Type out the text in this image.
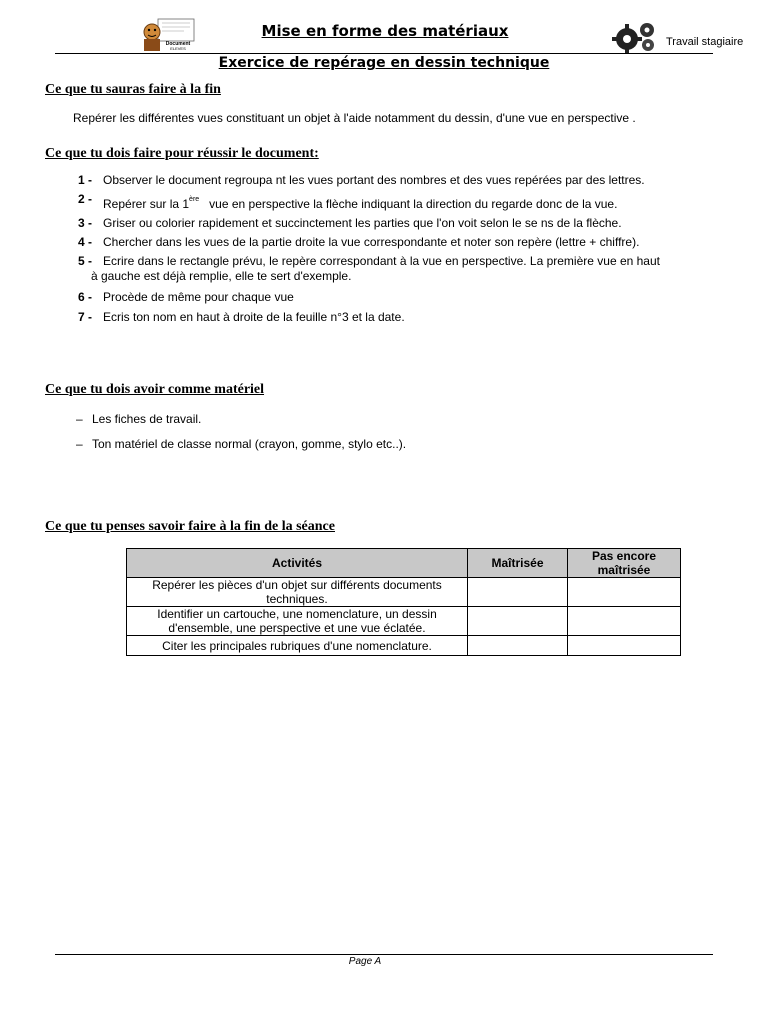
Document
ELEVES
Mise en forme des matériaux
Travail stagiaire
Exercice de repérage en dessin technique
Ce que tu sauras faire à la fin
Repérer les différentes vues constituant un objet à l'aide notamment du dessin, d'une vue en perspective .
Ce que tu dois faire pour réussir le document:
1 - Observer le document regroupa nt les vues portant des nombres et des vues repérées par des lettres.
2 - Repérer sur la 1ère   vue en perspective la flèche indiquant la direction du regarde donc de la vue.
3 - Griser ou colorier rapidement et succinctement les parties que l'on voit selon le se ns de la flèche.
4 - Chercher dans les vues de la partie droite la vue correspondante et noter son repère (lettre + chiffre).
5 - Ecrire dans le rectangle prévu, le repère correspondant à la vue en perspective. La première vue en haut
à gauche est déjà remplie, elle te sert d'exemple.
6 - Procède de même pour chaque vue
7 - Ecris ton nom en haut à droite de la feuille n°3 et la date.
Ce que tu dois avoir comme matériel
– Les fiches de travail.
– Ton matériel de classe normal (crayon, gomme, stylo etc..).
Ce que tu penses savoir faire à la fin de la séance
Activités	Maîtrisée	Pas encore maîtrisée
Repérer les pièces d'un objet sur différents documents techniques.		
Identifier un cartouche, une nomenclature, un dessin d'ensemble, une perspective et une vue éclatée.		
Citer les principales rubriques d'une nomenclature.		
Page A
